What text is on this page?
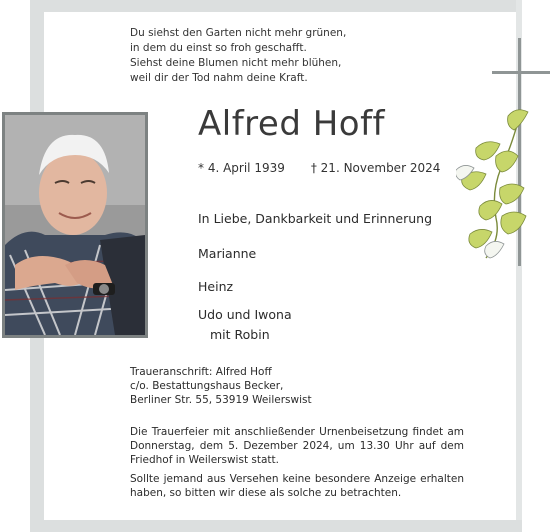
Du siehst den Garten nicht mehr grünen,
in dem du einst so froh geschafft.
Siehst deine Blumen nicht mehr blühen,
weil dir der Tod nahm deine Kraft.
Alfred Hoff
* 4. April 1939 † 21. November 2024
In Liebe, Dankbarkeit und Erinnerung
Marianne
Heinz
Udo und Iwona
mit Robin
Traueranschrift: Alfred Hoff
c/o. Bestattungshaus Becker,
Berliner Str. 55, 53919 Weilerswist

Die Trauerfeier mit anschließender Urnenbeisetzung findet am Donnerstag, dem 5. Dezember 2024, um 13.30 Uhr auf dem Friedhof in Weilerswist statt.

Sollte jemand aus Versehen keine besondere Anzeige erhalten haben, so bitten wir diese als solche zu betrachten.
